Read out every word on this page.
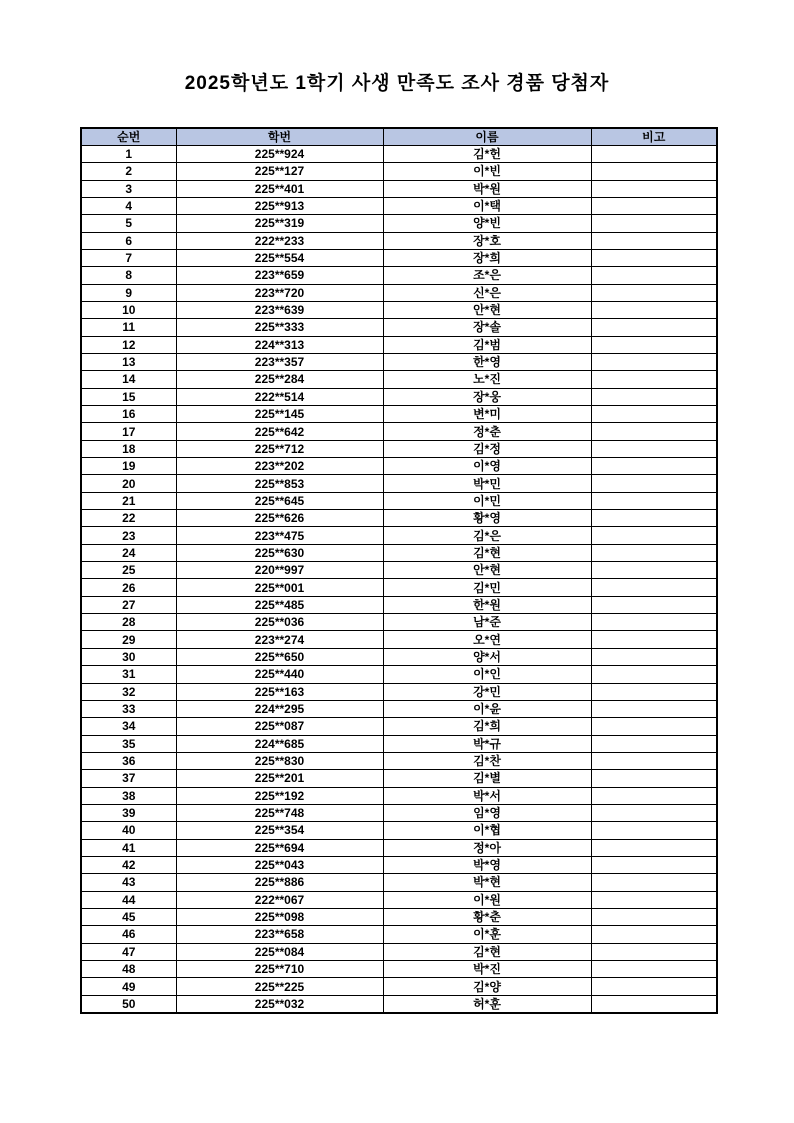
2025학년도 1학기 사생 만족도 조사 경품 당첨자
순번	학번	이름	비고
1	225**924	김*헌	
2	225**127	이*빈	
3	225**401	박*원	
4	225**913	이*택	
5	225**319	양*빈	
6	222**233	장*호	
7	225**554	장*희	
8	223**659	조*은	
9	223**720	신*은	
10	223**639	안*현	
11	225**333	장*솔	
12	224**313	김*범	
13	223**357	한*영	
14	225**284	노*진	
15	222**514	장*웅	
16	225**145	변*미	
17	225**642	정*춘	
18	225**712	김*정	
19	223**202	이*영	
20	225**853	박*민	
21	225**645	이*민	
22	225**626	황*영	
23	223**475	김*은	
24	225**630	김*현	
25	220**997	안*현	
26	225**001	김*민	
27	225**485	한*원	
28	225**036	남*준	
29	223**274	오*연	
30	225**650	양*서	
31	225**440	이*인	
32	225**163	강*민	
33	224**295	이*윤	
34	225**087	김*희	
35	224**685	박*규	
36	225**830	김*찬	
37	225**201	김*별	
38	225**192	박*서	
39	225**748	임*영	
40	225**354	이*협	
41	225**694	정*아	
42	225**043	박*영	
43	225**886	박*현	
44	222**067	이*원	
45	225**098	황*춘	
46	223**658	이*훈	
47	225**084	김*현	
48	225**710	박*진	
49	225**225	김*양	
50	225**032	허*훈	
